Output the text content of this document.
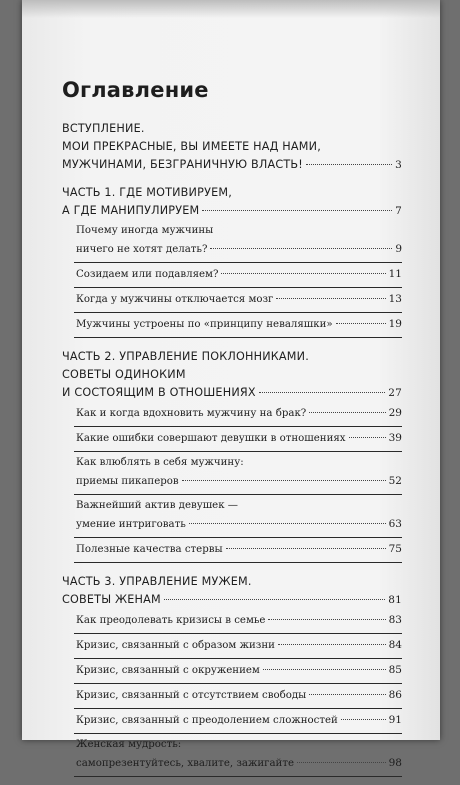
Оглавление
ВСТУПЛЕНИЕ.
МОИ ПРЕКРАСНЫЕ, ВЫ ИМЕЕТЕ НАД НАМИ,
МУЖЧИНАМИ, БЕЗГРАНИЧНУЮ ВЛАСТЬ!	3
ЧАСТЬ 1. ГДЕ МОТИВИРУЕМ,
А ГДЕ МАНИПУЛИРУЕМ	7
Почему иногда мужчины
ничего не хотят делать?	9
Созидаем или подавляем?	11
Когда у мужчины отключается мозг	13
Мужчины устроены по «принципу неваляшки»	19
ЧАСТЬ 2. УПРАВЛЕНИЕ ПОКЛОННИКАМИ.
СОВЕТЫ ОДИНОКИМ
И СОСТОЯЩИМ В ОТНОШЕНИЯХ	27
Как и когда вдохновить мужчину на брак?	29
Какие ошибки совершают девушки в отношениях	39
Как влюблять в себя мужчину:
приемы пикаперов	52
Важнейший актив девушек —
умение интриговать	63
Полезные качества стервы	75
ЧАСТЬ 3. УПРАВЛЕНИЕ МУЖЕМ.
СОВЕТЫ ЖЕНАМ	81
Как преодолевать кризисы в семье	83
Кризис, связанный с образом жизни	84
Кризис, связанный с окружением	85
Кризис, связанный с отсутствием свободы	86
Кризис, связанный с преодолением сложностей	91
Женская мудрость:
самопрезентуйтесь, хвалите, зажигайте	98
